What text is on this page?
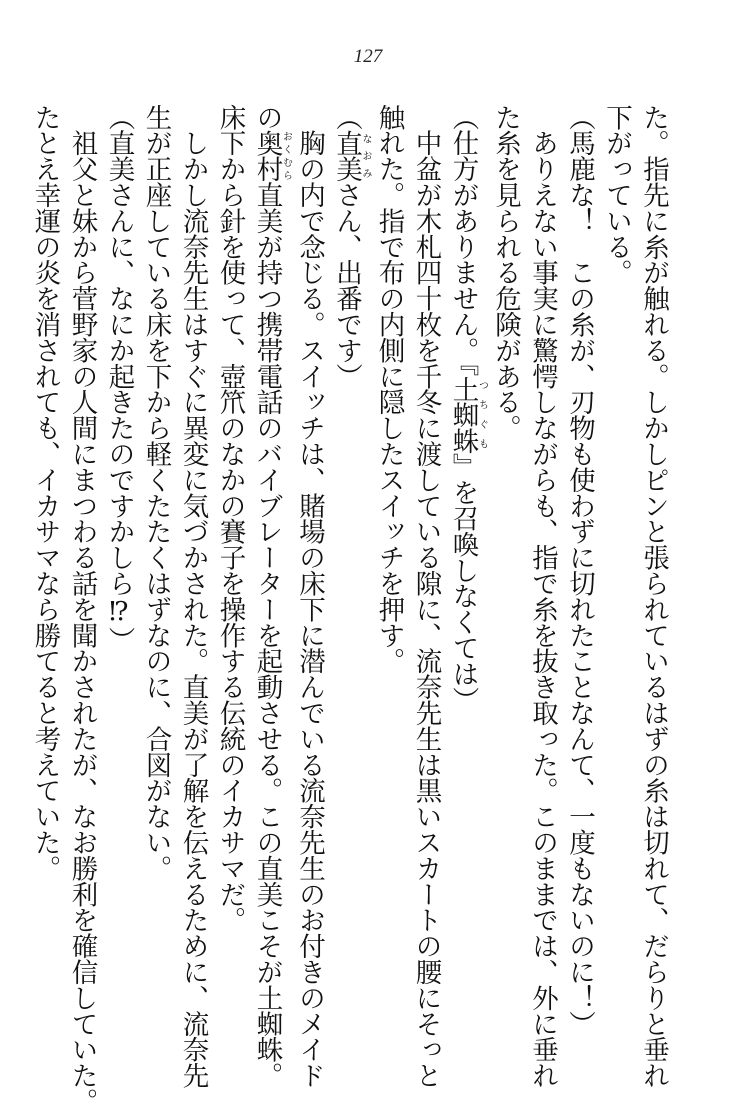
127
た。指先に糸が触れる。しかしピンと張られているはずの糸は切れて、だらりと垂れ
下がっている。
（馬鹿な！　この糸が、刃物も使わずに切れたことなんて、一度もないのに！）
　ありえない事実に驚愕しながらも、指で糸を抜き取った。このままでは、外に垂れ
た糸を見られる危険がある。
（仕方がありません。『土蜘蛛つちぐも』を召喚しなくては）
　中盆が木札四十枚を千冬に渡している隙に、流奈先生は黒いスカートの腰にそっと
触れた。指で布の内側に隠したスイッチを押す。
（直美なおみさん、出番です）
　胸の内で念じる。スイッチは、賭場の床下に潜んでいる流奈先生のお付きのメイド
の奥村おくむら直美が持つ携帯電話のバイブレーターを起動させる。この直美こそが土蜘蛛。
床下から針を使って、壺笊のなかの賽子を操作する伝統のイカサマだ。
　しかし流奈先生はすぐに異変に気づかされた。直美が了解を伝えるために、流奈先
生が正座している床を下から軽くたたくはずなのに、合図がない。
（直美さんに、なにか起きたのですかしら⁉）
　祖父と妹から菅野家の人間にまつわる話を聞かされたが、なお勝利を確信していた。
たとえ幸運の炎を消されても、イカサマなら勝てると考えていた。
